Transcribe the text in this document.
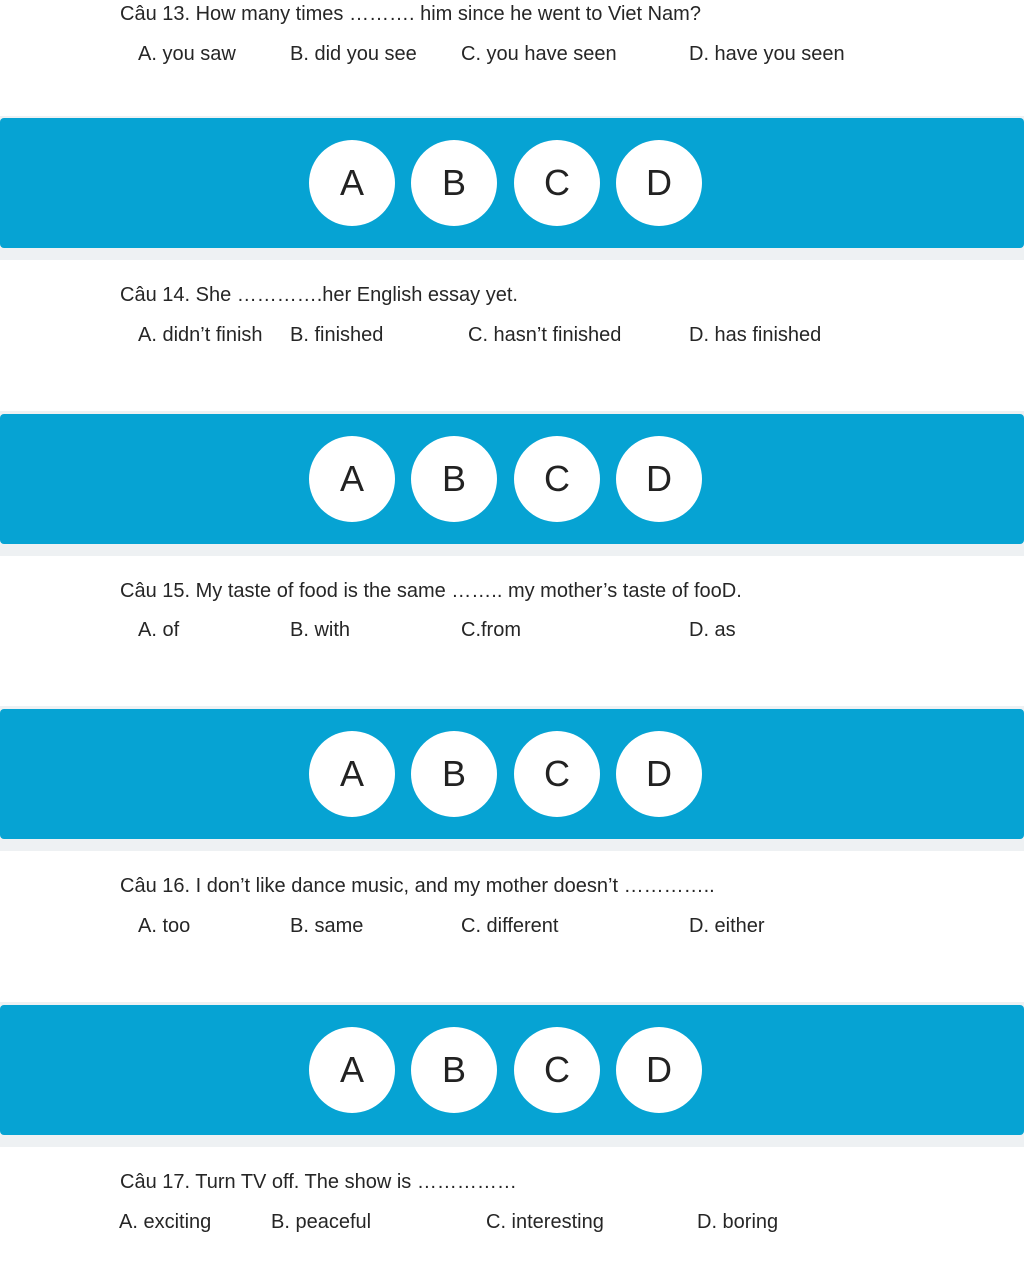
Câu 13. How many times ………. him since he went to Viet Nam?
A. you saw	B. did you see C. you have seen	D. have you seen
A	B	C	D
Câu 14. She ………….her English essay yet.
A. didn’t finish B. finished	C. hasn’t finished	D. has finished
A	B	C	D
Câu 15. My taste of food is the same …….. my mother’s taste of fooD.
A. of	B. with	C.from	D. as
A	B	C	D
Câu 16. I don’t like dance music, and my mother doesn’t …………..
A. too	B. same	C. different	D. either
A	B	C	D
Câu 17. Turn TV off. The show is ……………
A. exciting	B. peaceful	C. interesting	D. boring
